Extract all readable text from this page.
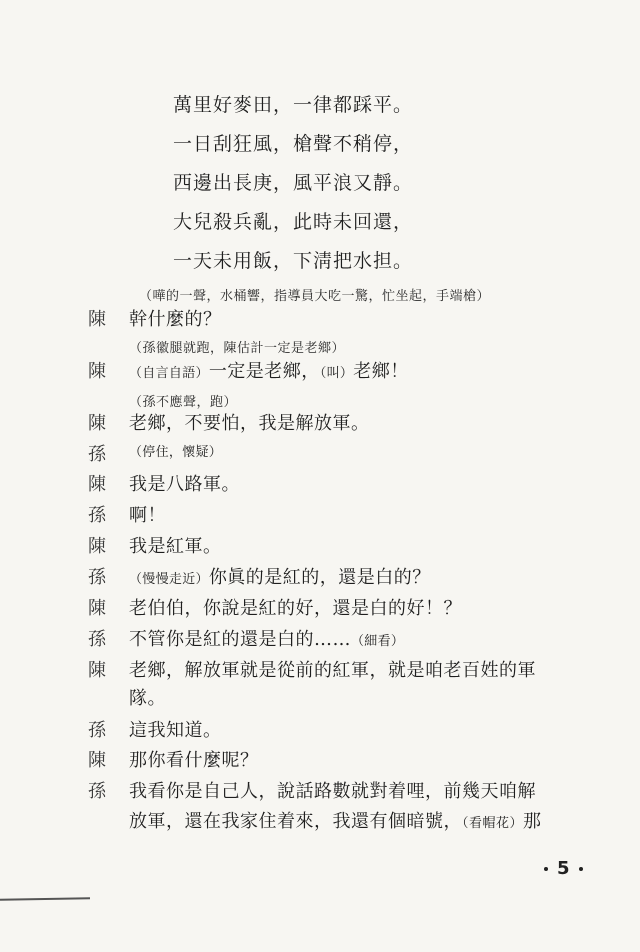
萬里好麥田，一律都踩平。
一日刮狂風，槍聲不稍停，
西邊出長庚，風平浪又靜。
大兒殺兵亂，此時未回還，
一天未用飯，下淸把水担。
（嘩的一聲，水桶響，指導員大吃一驚，忙坐起，手端槍）
陳 幹什麼的？
（孫徽腿就跑，陳估計一定是老鄉）
陳 （自言自語）一定是老鄉，（叫）老鄉！
（孫不應聲，跑）
陳 老鄉，不要怕，我是解放軍。
孫 （停住，懷疑）
陳 我是八路軍。
孫 啊！
陳 我是紅軍。
孫 （慢慢走近）你眞的是紅的，還是白的？
陳 老伯伯，你說是紅的好，還是白的好！？
孫 不管你是紅的還是白的……（細看）
陳 老鄉，解放軍就是從前的紅軍，就是咱老百姓的軍
隊。
孫 這我知道。
陳 那你看什麼呢？
孫 我看你是自己人，說話路數就對着哩，前幾天咱解
放軍，還在我家住着來，我還有個暗號，（看帽花）那
5
